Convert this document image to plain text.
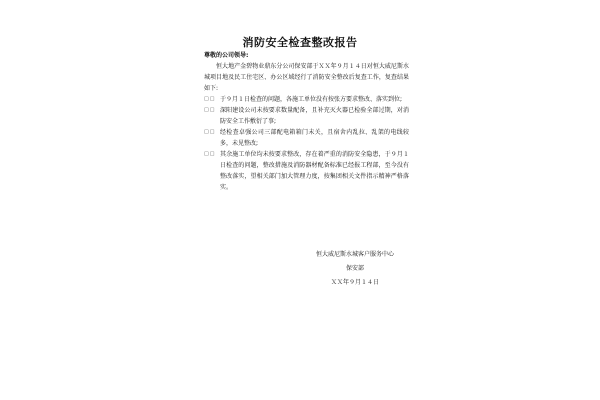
消防安全检查整改报告
尊敬的公司领导:
恒大地产金碧物业鼎东分公司保安部于ＸＸ年９月１４日对恒大威尼斯水城项目地及民工住宅区、办公区域经行了消防安全整改后复查工作，复查结果如下:
□□ 于９月１日检查的问题，各施工单位没有按张方要求整改、落实到位;
□□ 深阳建设公司未按要求数量配备，且补充灭火器已检验全部过期，对消防安全工作敷衍了事;
□□ 经检查卓强公司三部配电箱箱门未关，且宿舍内乱拉、乱架的电线较多，未见整改;
□□ 其余施工单位均未按要求整改，存在着严重的消防安全隐患，于９月１日检查的问题，整改措施及消防器材配备标准已经报工程部，至今没有整改落实，望相关部门加大管理力度，按集团相关文件指示精神严格落实。
恒大威尼斯水城客户服务中心
保安部
ＸＸ年９月１４日
